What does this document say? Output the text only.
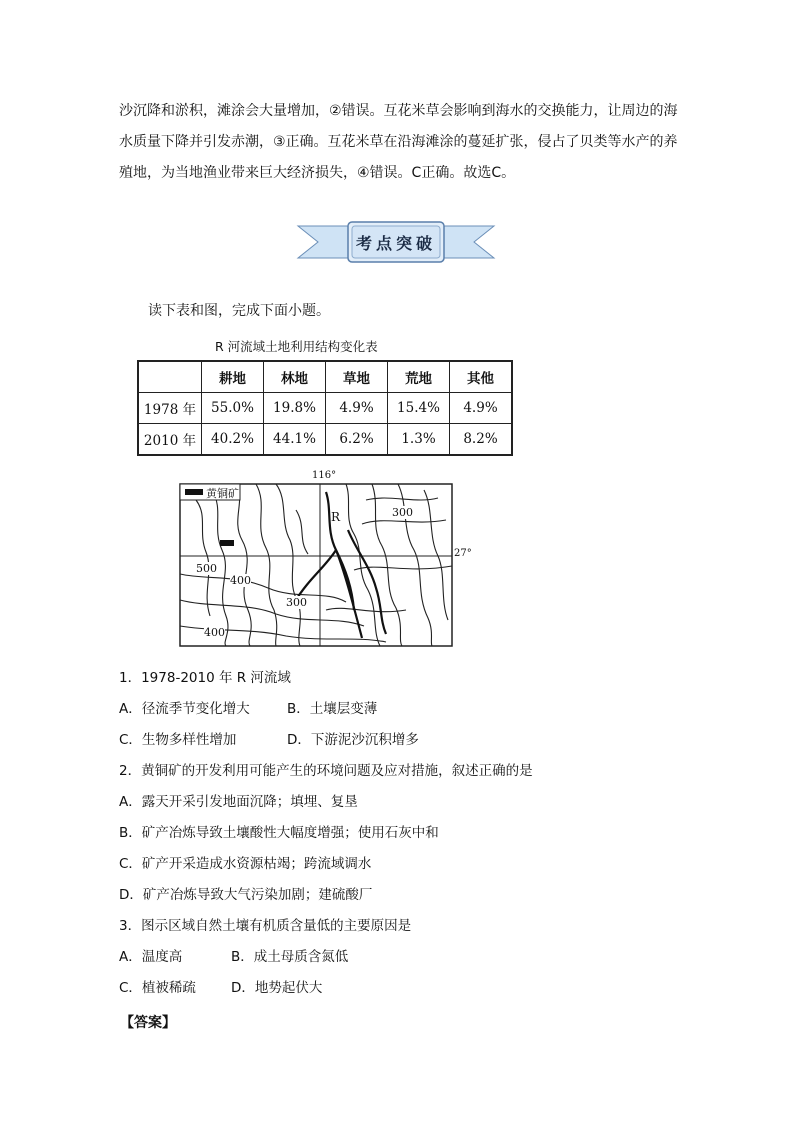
沙沉降和淤积，滩涂会大量增加，②错误。互花米草会影响到海水的交换能力，让周边的海
水质量下降并引发赤潮，③正确。互花米草在沿海滩涂的蔓延扩张，侵占了贝类等水产的养
殖地，为当地渔业带来巨大经济损失，④错误。C正确。故选C。
考点突破
读下表和图，完成下面小题。
R 河流域土地利用结构变化表
	耕地	林地	草地	荒地	其他
1978 年	55.0%	19.8%	4.9%	15.4%	4.9%
2010 年	40.2%	44.1%	6.2%	1.3%	8.2%
黄铜矿
116°
27°
R	300
500
400
300
400
1．1978-2010 年 R 河流域
A．径流季节变化增大	B．土壤层变薄
C．生物多样性增加	D．下游泥沙沉积增多
2．黄铜矿的开发利用可能产生的环境问题及应对措施，叙述正确的是
A．露天开采引发地面沉降；填埋、复垦
B．矿产冶炼导致土壤酸性大幅度增强；使用石灰中和
C．矿产开采造成水资源枯竭；跨流域调水
D．矿产冶炼导致大气污染加剧；建硫酸厂
3．图示区域自然土壤有机质含量低的主要原因是
A．温度高	B．成土母质含氮低
C．植被稀疏	D．地势起伏大
【答案】
